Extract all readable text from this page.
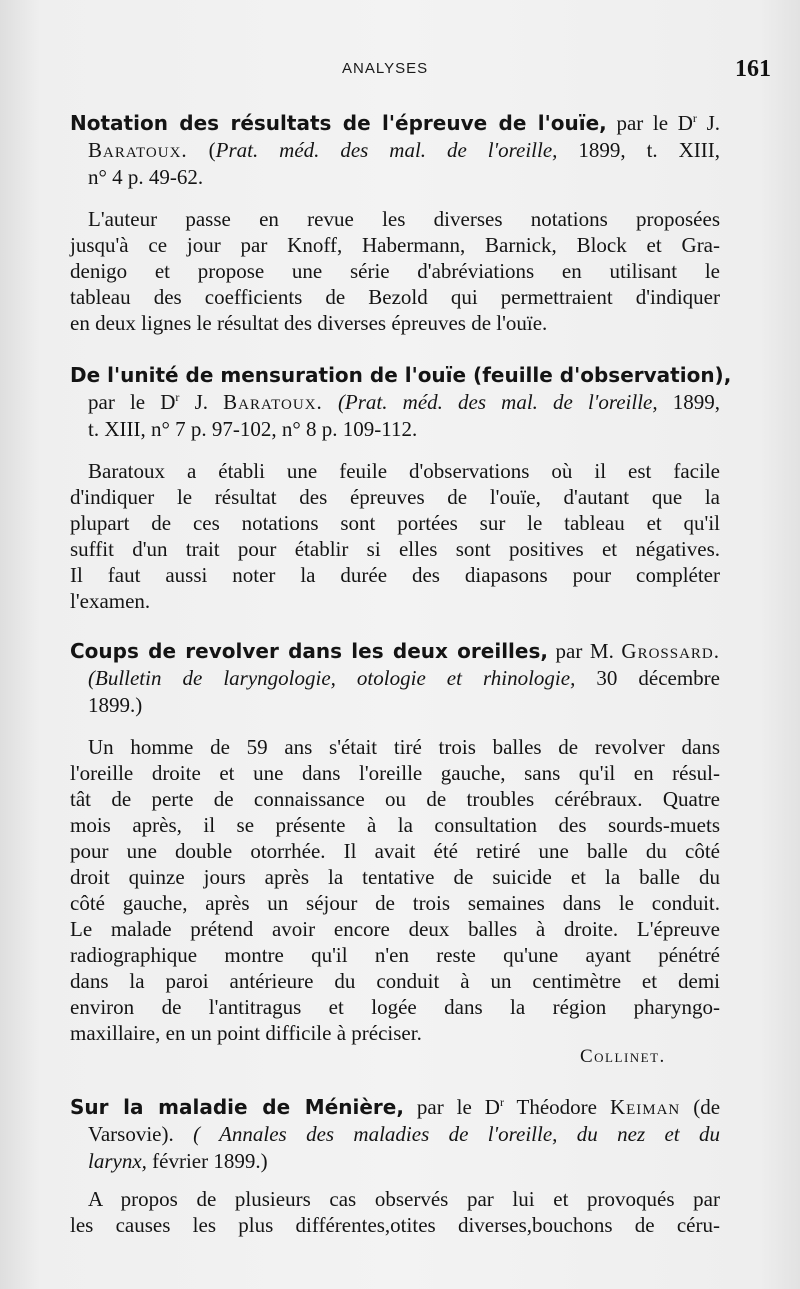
ANALYSES	161
Notation des résultats de l'épreuve de l'ouïe, par le $D^r$ J.
Baratoux. (Prat. méd. des mal. de l'oreille, 1899, t. XIII,
n° 4 p. 49-62.
L'auteur passe en revue les diverses notations proposées
jusqu'à ce jour par Knoff, Habermann, Barnick, Block et Gra-
denigo et propose une série d'abréviations en utilisant le
tableau des coefficients de Bezold qui permettraient d'indiquer
en deux lignes le résultat des diverses épreuves de l'ouïe.
De l'unité de mensuration de l'ouïe (feuille d'observation),
par le $D^r$ J. Baratoux. (Prat. méd. des mal. de l'oreille, 1899,
t. XIII, n° 7 p. 97-102, n° 8 p. 109-112.
Baratoux a établi une feuile d'observations où il est facile
d'indiquer le résultat des épreuves de l'ouïe, d'autant que la
plupart de ces notations sont portées sur le tableau et qu'il
suffit d'un trait pour établir si elles sont positives et négatives.
Il faut aussi noter la durée des diapasons pour compléter
l'examen.
Coups de revolver dans les deux oreilles, par M. Grossard.
(Bulletin de laryngologie, otologie et rhinologie, 30 décembre
1899.)
Un homme de 59 ans s'était tiré trois balles de revolver dans
l'oreille droite et une dans l'oreille gauche, sans qu'il en résul-
tât de perte de connaissance ou de troubles cérébraux. Quatre
mois après, il se présente à la consultation des sourds-muets
pour une double otorrhée. Il avait été retiré une balle du côté
droit quinze jours après la tentative de suicide et la balle du
côté gauche, après un séjour de trois semaines dans le conduit.
Le malade prétend avoir encore deux balles à droite. L'épreuve
radiographique montre qu'il n'en reste qu'une ayant pénétré
dans la paroi antérieure du conduit à un centimètre et demi
environ de l'antitragus et logée dans la région pharyngo-
maxillaire, en un point difficile à préciser.
Collinet.
Sur la maladie de Ménière, par le $D^r$ Théodore Keiman (de
Varsovie). ( Annales des maladies de l'oreille, du nez et du
larynx, février 1899.)
A propos de plusieurs cas observés par lui et provoqués par
les causes les plus différentes,otites diverses,bouchons de céru-
